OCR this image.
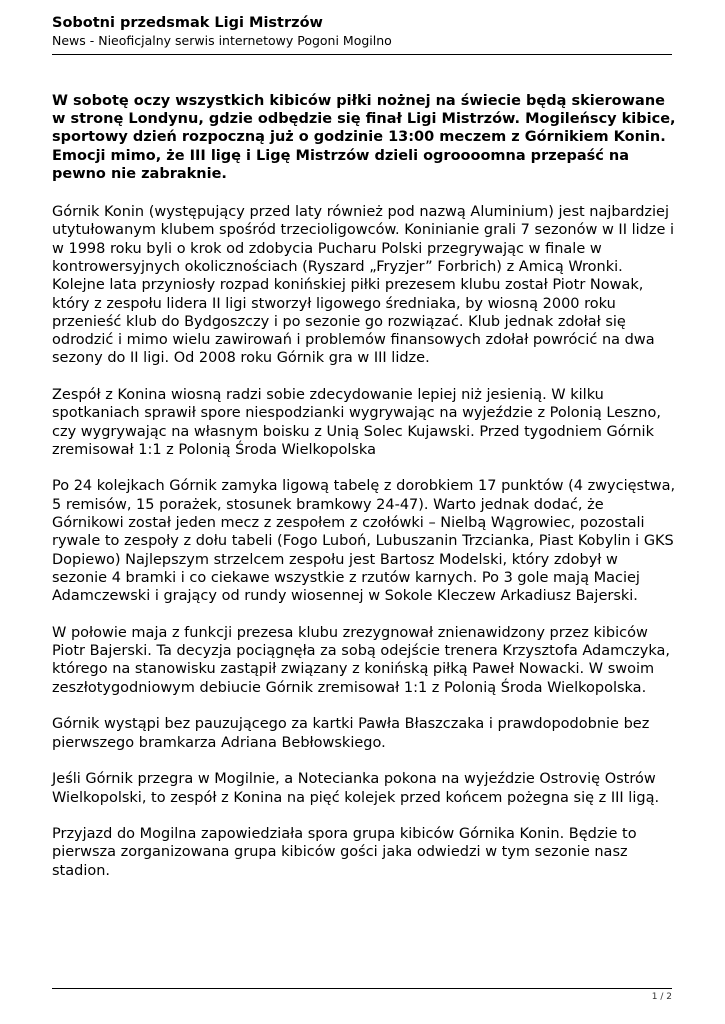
Sobotni przedsmak Ligi Mistrzów

News - Nieoficjalny serwis internetowy Pogoni Mogilno

W sobotę oczy wszystkich kibiców piłki nożnej na świecie będą skierowane w stronę Londynu, gdzie odbędzie się finał Ligi Mistrzów. Mogileńscy kibice, sportowy dzień rozpoczną już o godzinie 13:00 meczem z Górnikiem Konin. Emocji mimo, że III ligę i Ligę Mistrzów dzieli ogroooomna przepaść na pewno nie zabraknie.

Górnik Konin (występujący przed laty również pod nazwą Aluminium) jest najbardziej utytułowanym klubem spośród trzecioligowców. Koninianie grali 7 sezonów w II lidze i w 1998 roku byli o krok od zdobycia Pucharu Polski przegrywając w finale w kontrowersyjnych okolicznościach (Ryszard „Fryzjer” Forbrich) z Amicą Wronki. Kolejne lata przyniosły rozpad konińskiej piłki prezesem klubu został Piotr Nowak, który z zespołu lidera II ligi stworzył ligowego średniaka, by wiosną 2000 roku przenieść klub do Bydgoszczy i po sezonie go rozwiązać. Klub jednak zdołał się odrodzić i mimo wielu zawirowań i problemów finansowych zdołał powrócić na dwa sezony do II ligi. Od 2008 roku Górnik gra w III lidze.

Zespół z Konina wiosną radzi sobie zdecydowanie lepiej niż jesienią. W kilku spotkaniach sprawił spore niespodzianki wygrywając na wyjeździe z Polonią Leszno, czy wygrywając na własnym boisku z Unią Solec Kujawski. Przed tygodniem Górnik zremisował 1:1 z Polonią Środa Wielkopolska

Po 24 kolejkach Górnik zamyka ligową tabelę z dorobkiem 17 punktów (4 zwycięstwa, 5 remisów, 15 porażek, stosunek bramkowy 24-47). Warto jednak dodać, że Górnikowi został jeden mecz z zespołem z czołówki – Nielbą Wągrowiec, pozostali rywale to zespoły z dołu tabeli (Fogo Luboń, Lubuszanin Trzcianka, Piast Kobylin i GKS Dopiewo) Najlepszym strzelcem zespołu jest Bartosz Modelski, który zdobył w sezonie 4 bramki i co ciekawe wszystkie z rzutów karnych. Po 3 gole mają Maciej Adamczewski i grający od rundy wiosennej w Sokole Kleczew Arkadiusz Bajerski.

W połowie maja z funkcji prezesa klubu zrezygnował znienawidzony przez kibiców Piotr Bajerski. Ta decyzja pociągnęła za sobą odejście trenera Krzysztofa Adamczyka, którego na stanowisku zastąpił związany z konińską piłką Paweł Nowacki. W swoim zeszłotygodniowym debiucie Górnik zremisował 1:1 z Polonią Środa Wielkopolska.

Górnik wystąpi bez pauzującego za kartki Pawła Błaszczaka i prawdopodobnie bez pierwszego bramkarza Adriana Bebłowskiego.

Jeśli Górnik przegra w Mogilnie, a Notecianka pokona na wyjeździe Ostrovię Ostrów Wielkopolski, to zespół z Konina na pięć kolejek przed końcem pożegna się z III ligą.

Przyjazd do Mogilna zapowiedziała spora grupa kibiców Górnika Konin. Będzie to pierwsza zorganizowana grupa kibiców gości jaka odwiedzi w tym sezonie nasz stadion.

1 / 2
